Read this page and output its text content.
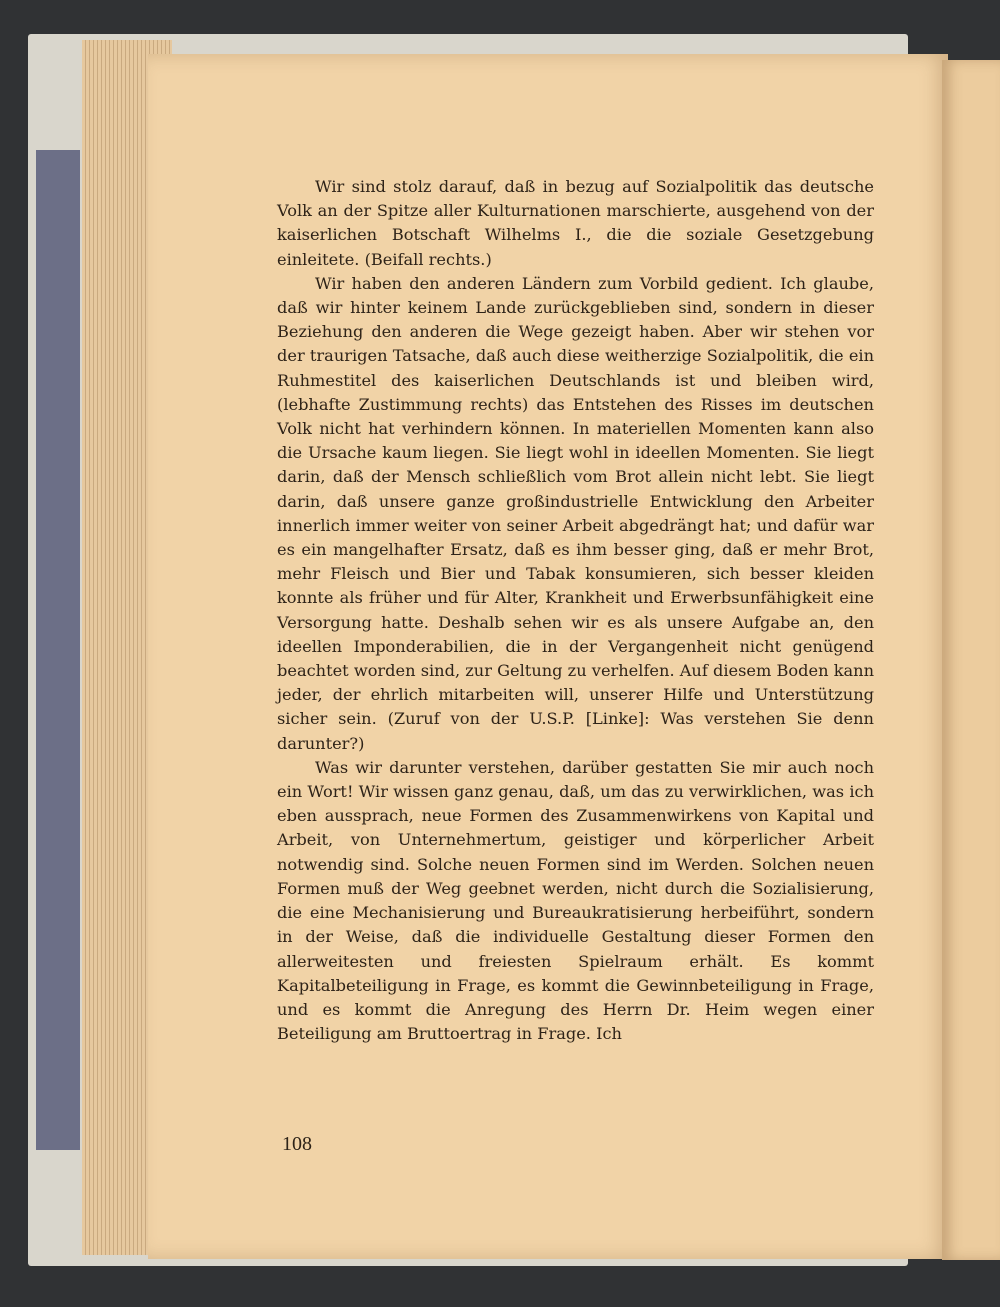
Wir sind stolz darauf, daß in bezug auf Sozialpolitik das deutsche Volk an der Spitze aller Kulturnationen marschierte, ausgehend von der kaiserlichen Botschaft Wilhelms I., die die soziale Gesetzgebung einleitete. (Beifall rechts.)

Wir haben den anderen Ländern zum Vorbild gedient. Ich glaube, daß wir hinter keinem Lande zurückgeblieben sind, sondern in dieser Beziehung den anderen die Wege gezeigt haben. Aber wir stehen vor der traurigen Tatsache, daß auch diese weitherzige Sozialpolitik, die ein Ruhmestitel des kaiserlichen Deutschlands ist und bleiben wird, (lebhafte Zustimmung rechts) das Entstehen des Risses im deutschen Volk nicht hat verhindern können. In materiellen Momenten kann also die Ursache kaum liegen. Sie liegt wohl in ideellen Momenten. Sie liegt darin, daß der Mensch schließlich vom Brot allein nicht lebt. Sie liegt darin, daß unsere ganze großindustrielle Entwicklung den Arbeiter innerlich immer weiter von seiner Arbeit abgedrängt hat; und dafür war es ein mangelhafter Ersatz, daß es ihm besser ging, daß er mehr Brot, mehr Fleisch und Bier und Tabak konsumieren, sich besser kleiden konnte als früher und für Alter, Krankheit und Erwerbsunfähigkeit eine Versorgung hatte. Deshalb sehen wir es als unsere Aufgabe an, den ideellen Imponderabilien, die in der Vergangenheit nicht genügend beachtet worden sind, zur Geltung zu verhelfen. Auf diesem Boden kann jeder, der ehrlich mitarbeiten will, unserer Hilfe und Unterstützung sicher sein. (Zuruf von der U.S.P. [Linke]: Was verstehen Sie denn darunter?)

Was wir darunter verstehen, darüber gestatten Sie mir auch noch ein Wort! Wir wissen ganz genau, daß, um das zu verwirklichen, was ich eben aussprach, neue Formen des Zusammenwirkens von Kapital und Arbeit, von Unternehmertum, geistiger und körperlicher Arbeit notwendig sind. Solche neuen Formen sind im Werden. Solchen neuen Formen muß der Weg geebnet werden, nicht durch die Sozialisierung, die eine Mechanisierung und Bureaukratisierung herbeiführt, sondern in der Weise, daß die individuelle Gestaltung dieser Formen den allerweitesten und freiesten Spielraum erhält. Es kommt Kapitalbeteiligung in Frage, es kommt die Gewinnbeteiligung in Frage, und es kommt die Anregung des Herrn Dr. Heim wegen einer Beteiligung am Bruttoertrag in Frage. Ich

108
